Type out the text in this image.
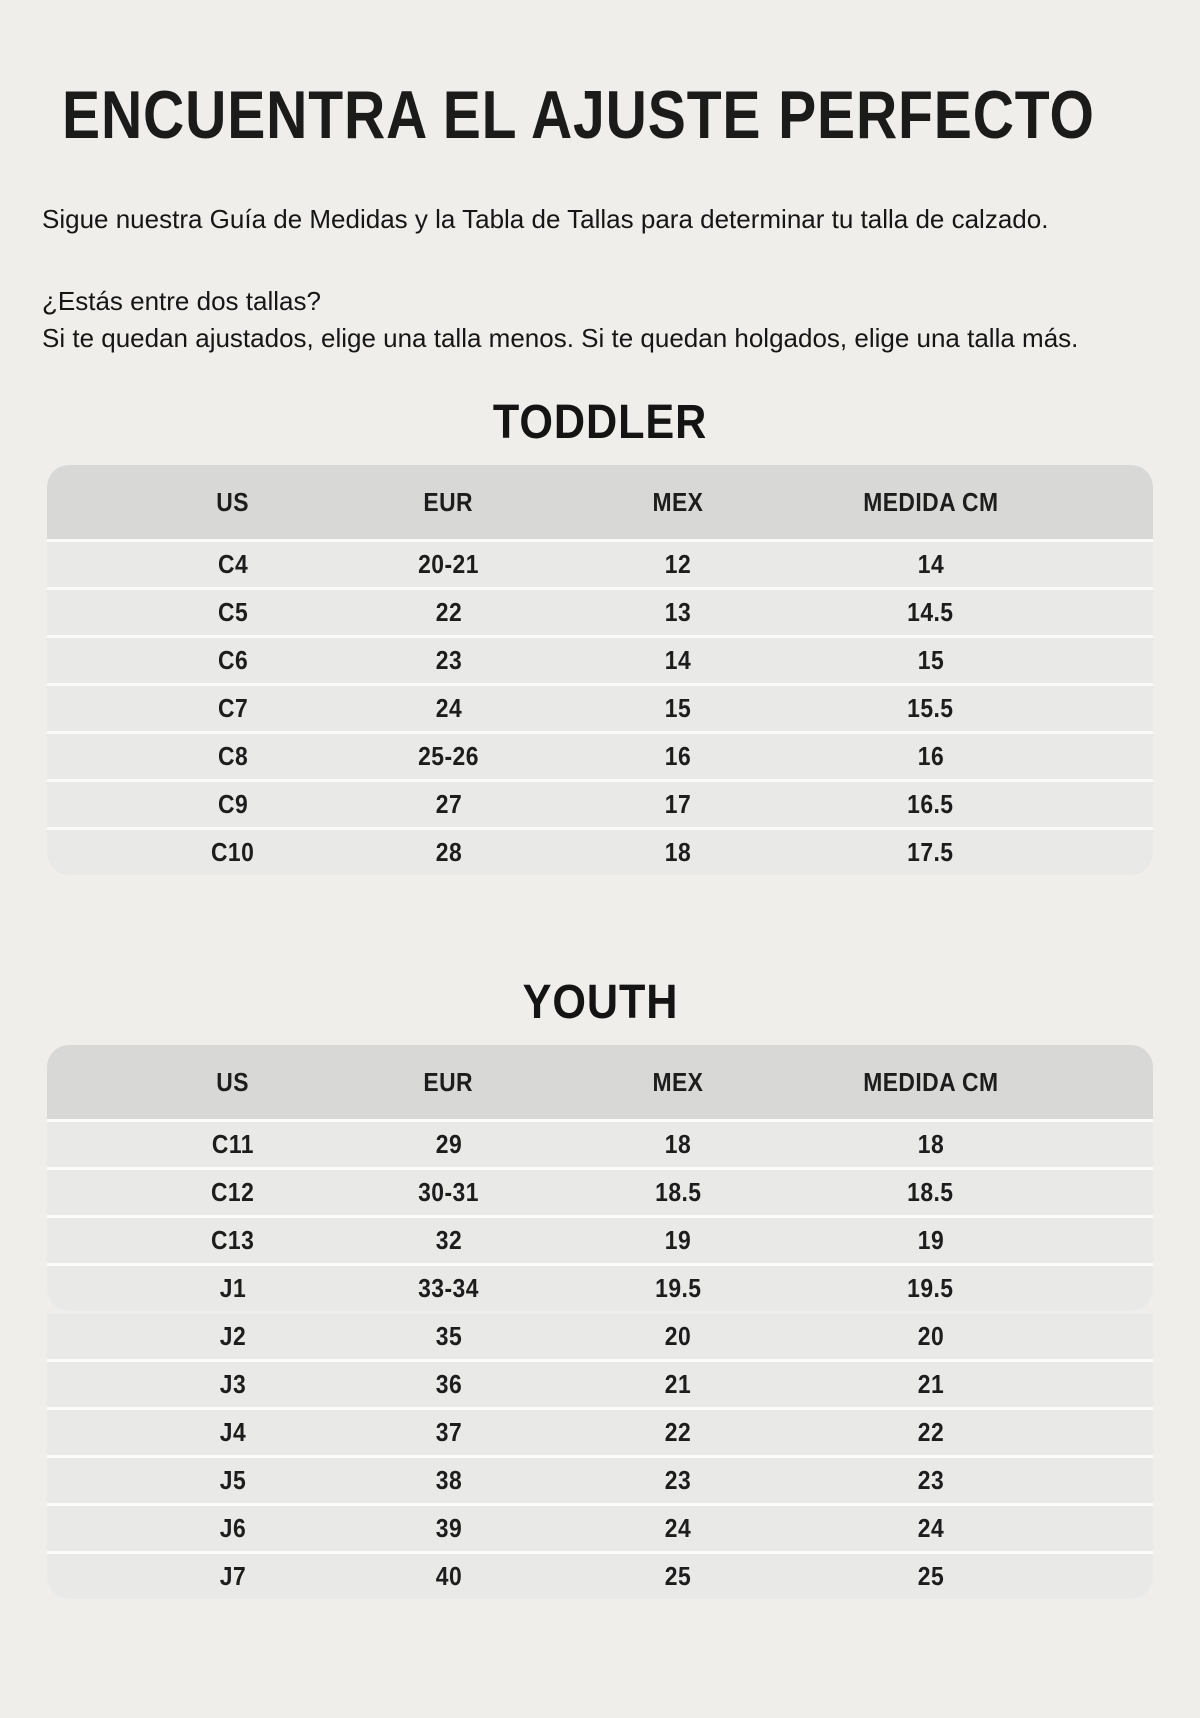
ENCUENTRA EL AJUSTE PERFECTO

Sigue nuestra Guía de Medidas y la Tabla de Tallas para determinar tu talla de calzado.

¿Estás entre dos tallas?
Si te quedan ajustados, elige una talla menos. Si te quedan holgados, elige una talla más.
TODDLER
US	EUR	MEX	MEDIDA CM
C4	20-21	12	14
C5	22	13	14.5
C6	23	14	15
C7	24	15	15.5
C8	25-26	16	16
C9	27	17	16.5
C10	28	18	17.5
YOUTH
US	EUR	MEX	MEDIDA CM
C11	29	18	18
C12	30-31	18.5	18.5
C13	32	19	19
J1	33-34	19.5	19.5
J2	35	20	20
J3	36	21	21
J4	37	22	22
J5	38	23	23
J6	39	24	24
J7	40	25	25
